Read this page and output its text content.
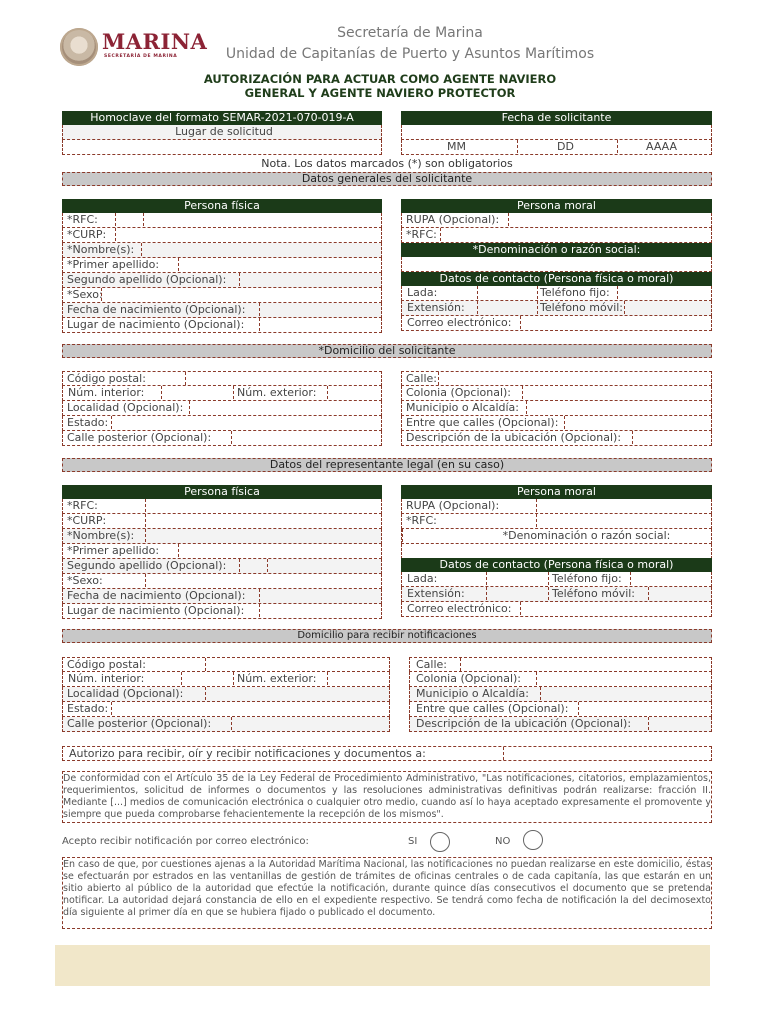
MARINA
SECRETARÍA DE MARINA
Secretaría de Marina
Unidad de Capitanías de Puerto y Asuntos Marítimos
AUTORIZACIÓN PARA ACTUAR COMO AGENTE NAVIERO
GENERAL Y AGENTE NAVIERO PROTECTOR
Homoclave del formato SEMAR-2021-070-019-A
Lugar de solicitud
Fecha de solicitante
MM	DD	AAAA
Nota. Los datos marcados (*) son obligatorios
Datos generales del solicitante
Persona física
*RFC:
*CURP:
*Nombre(s):
*Primer apellido:
Segundo apellido (Opcional):
*Sexo:
Fecha de nacimiento (Opcional):
Lugar de nacimiento (Opcional):
Persona moral
RUPA (Opcional):
*RFC:
*Denominación o razón social:
Datos de contacto (Persona física o moral)
Lada:	Teléfono fijo:
Extensión:	Teléfono móvil:
Correo electrónico:
*Domicilio del solicitante
Código postal:
Núm. interior:	Núm. exterior:
Localidad (Opcional):
Estado:
Calle posterior (Opcional):
Calle:
Colonia (Opcional):
Municipio o Alcaldía:
Entre que calles (Opcional):
Descripción de la ubicación (Opcional):
Datos del representante legal (en su caso)
Persona física
*RFC:
*CURP:
*Nombre(s):
*Primer apellido:
Segundo apellido (Opcional):
*Sexo:
Fecha de nacimiento (Opcional):
Lugar de nacimiento (Opcional):
Persona moral
RUPA (Opcional):
*RFC:
*Denominación o razón social:
Datos de contacto (Persona física o moral)
Lada:	Teléfono fijo:
Extensión:	Teléfono móvil:
Correo electrónico:
Domicilio para recibir notificaciones
Código postal:
Núm. interior:	Núm. exterior:
Localidad (Opcional):
Estado:
Calle posterior (Opcional):
Calle:
Colonia (Opcional):
Municipio o Alcaldía:
Entre que calles (Opcional):
Descripción de la ubicación (Opcional):
Autorizo para recibir, oír y recibir notificaciones y documentos a:
De conformidad con el Artículo 35 de la Ley Federal de Procedimiento Administrativo, "Las notificaciones, citatorios, emplazamientos, requerimientos, solicitud de informes o documentos y las resoluciones administrativas definitivas podrán realizarse: fracción II. Mediante [...] medios de comunicación electrónica o cualquier otro medio, cuando así lo haya aceptado expresamente el promovente y siempre que pueda comprobarse fehacientemente la recepción de los mismos".
Acepto recibir notificación por correo electrónico:	SI	NO
En caso de que, por cuestiones ajenas a la Autoridad Marítima Nacional, las notificaciones no puedan realizarse en este domicilio, éstas se efectuarán por estrados en las ventanillas de gestión de trámites de oficinas centrales o de cada capitanía, las que estarán en un sitio abierto al público de la autoridad que efectúe la notificación, durante quince días consecutivos el documento que se pretenda notificar. La autoridad dejará constancia de ello en el expediente respectivo. Se tendrá como fecha de notificación la del decimosexto día siguiente al primer día en que se hubiera fijado o publicado el documento.
